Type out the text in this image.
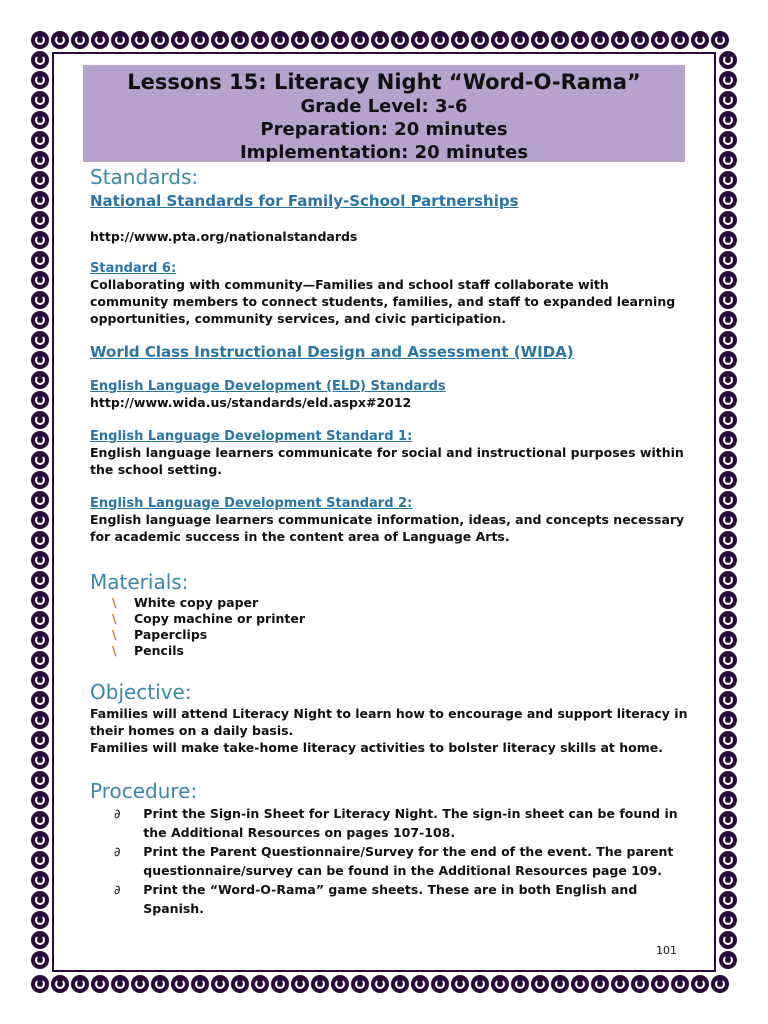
Lessons 15: Literacy Night “Word-O-Rama”
Grade Level: 3-6
Preparation: 20 minutes
Implementation: 20 minutes
Standards:
National Standards for Family-School Partnerships
http://www.pta.org/nationalstandards
Standard 6:
Collaborating with community—Families and school staff collaborate with community members to connect students, families, and staff to expanded learning opportunities, community services, and civic participation.
World Class Instructional Design and Assessment (WIDA)
English Language Development (ELD) Standards
http://www.wida.us/standards/eld.aspx#2012
English Language Development Standard 1:
English language learners communicate for social and instructional purposes within the school setting.
English Language Development Standard 2:
English language learners communicate information, ideas, and concepts necessary for academic success in the content area of Language Arts.
Materials:
\	White copy paper
\	Copy machine or printer
\	Paperclips
\	Pencils
Objective:
Families will attend Literacy Night to learn how to encourage and support literacy in their homes on a daily basis.
Families will make take-home literacy activities to bolster literacy skills at home.
Procedure:
∂	Print the Sign-in Sheet for Literacy Night. The sign-in sheet can be found in the Additional Resources on pages 107-108.
∂	Print the Parent Questionnaire/Survey for the end of the event. The parent questionnaire/survey can be found in the Additional Resources page 109.
∂	Print the “Word-O-Rama” game sheets. These are in both English and Spanish.
101
